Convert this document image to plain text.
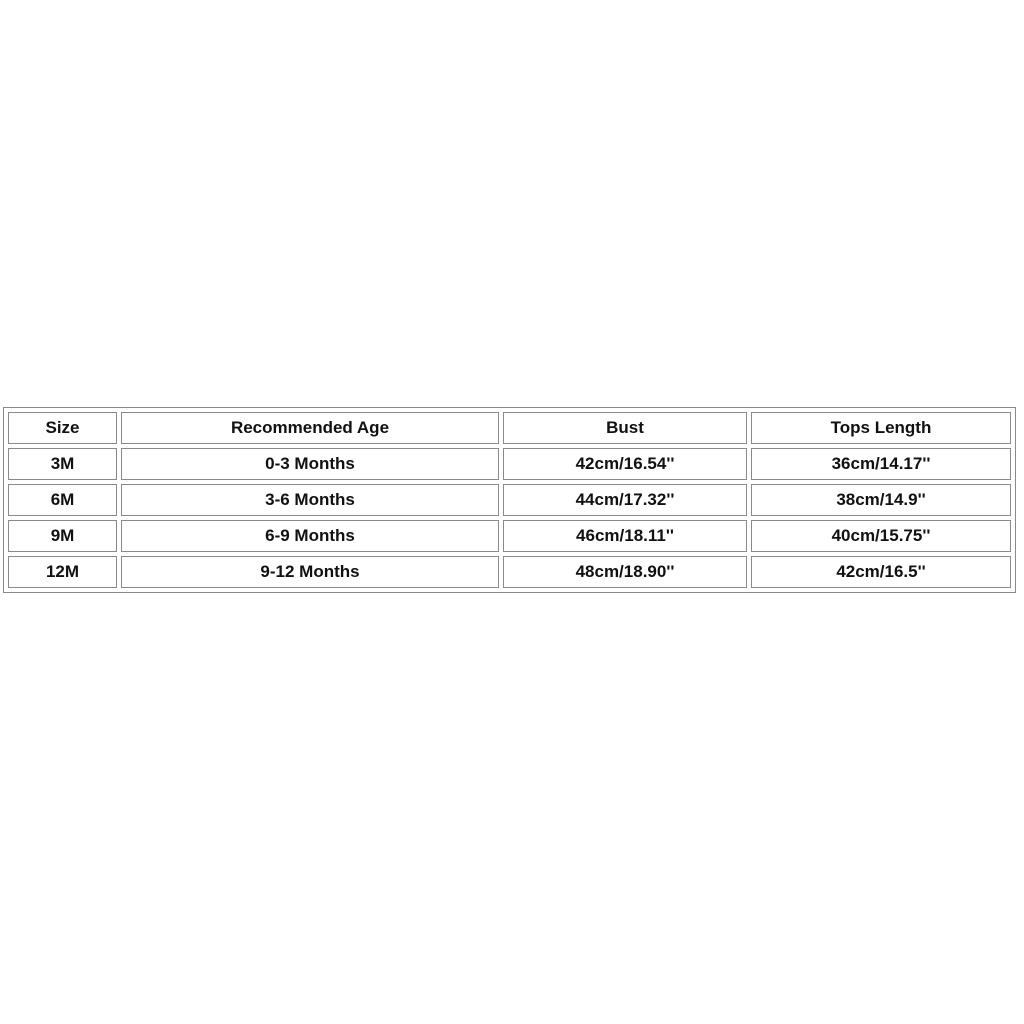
Size	Recommended Age	Bust	Tops Length
3M	0-3 Months	42cm/16.54''	36cm/14.17''
6M	3-6 Months	44cm/17.32''	38cm/14.9''
9M	6-9 Months	46cm/18.11''	40cm/15.75''
12M	9-12 Months	48cm/18.90''	42cm/16.5''
